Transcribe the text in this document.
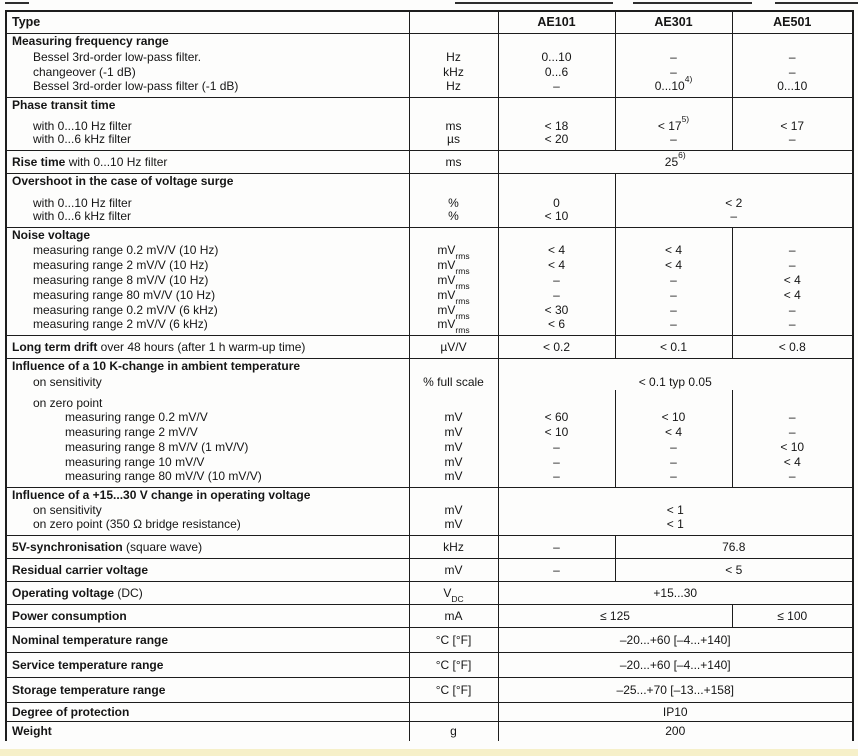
Type		AE101	AE301	AE501
Measuring frequency range				
Bessel 3rd-order low-pass filter.	Hz	0...10	–	–
changeover (-1 dB)	kHz	0...6	–	–
Bessel 3rd-order low-pass filter (-1 dB)	Hz	–	0...10$^{4)}$	0...10
Phase transit time				
with 0...10 Hz filter	ms	< 18	< $17^{5)}$	< 17
with 0...6 kHz filter	µs	< 20	–	–
Rise time with 0...10 Hz filter	ms	25$^{6)}$
Overshoot in the case of voltage surge				
with 0...10 Hz filter	%	0	< 2	
with 0...6 kHz filter	%	< 10	–	
Noise voltage				
measuring range 0.2 mV/V (10 Hz)	$mV_{rms}$	< 4	< 4	–
measuring range 2 mV/V (10 Hz)	$mV_{rms}$	< 4	< 4	–
measuring range 8 mV/V (10 Hz)	$mV_{rms}$	–	–	< 4
measuring range 80 mV/V (10 Hz)	$mV_{rms}$	–	–	< 4
measuring range 0.2 mV/V (6 kHz)	$mV_{rms}$	< 30	–	–
measuring range 2 mV/V (6 kHz)	$mV_{rms}$	< 6	–	–
Long term drift over 48 hours (after 1 h warm-up time)	µV/V	< 0.2	< 0.1	< 0.8
Influence of a 10 K-change in ambient temperature				
on sensitivity	% full scale	< 0.1 typ 0.05		
on zero point				
measuring range 0.2 mV/V	mV	< 60	< 10	–
measuring range 2 mV/V	mV	< 10	< 4	–
measuring range 8 mV/V (1 mV/V)	mV	–	–	< 10
measuring range 10 mV/V	mV	–	–	< 4
measuring range 80 mV/V (10 mV/V)	mV	–	–	–
Influence of a +15...30 V change in operating voltage				
on sensitivity	mV	< 1		
on zero point (350 Ω bridge resistance)	mV	< 1		
5V-synchronisation (square wave)	kHz	–	76.8	
Residual carrier voltage	mV	–	< 5	
Operating voltage (DC)	$V_{DC}$	+15...30		
Power consumption	mA	≤ 125		≤ 100
Nominal temperature range	°C [°F]	–20...+60 [–4...+140]		
Service temperature range	°C [°F]	–20...+60 [–4...+140]		
Storage temperature range	°C [°F]	–25...+70 [–13...+158]		
Degree of protection		IP10		
Weight	g	200		
